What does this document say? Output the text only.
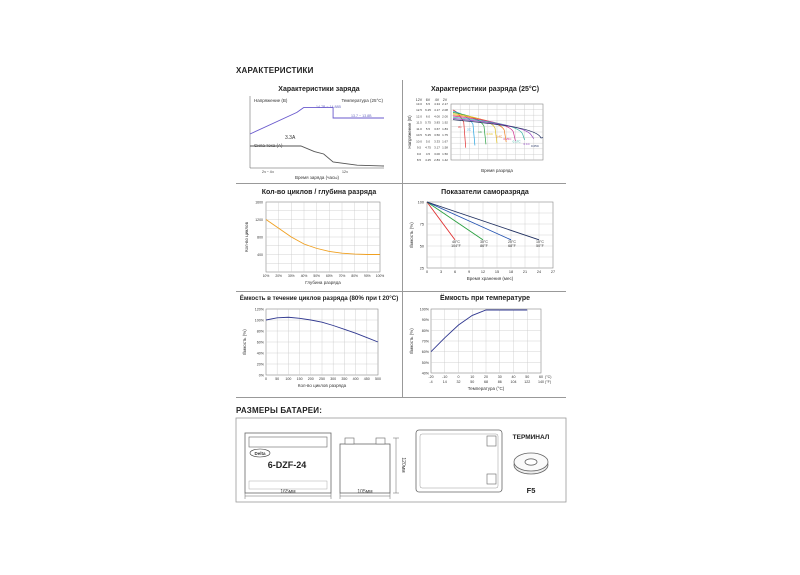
ХАРАКТЕРИСТИКИ
Характеристики заряда
Напряжение (В)	Температура (25°C)
14.7В ~ 14.88В
13.7 ~ 13.8В
3.3A
Сила тока (А)
2ч ~ 4ч	12ч
Время заряда (часы)
Характеристики разряда (25°C)
12V 6V 4V 2V
13.0
12.5
12.0
11.5
11.0
10.5
10.0
9.5
9.0
8.5
6.5
6.25
6.0
5.75
5.5
5.25
5.0
4.75
4.5
4.25
4.34
4.17
4.00
3.83
3.67
3.50
3.33
3.17
3.00
2.83
2.17
2.08
2.00
1.92
1.83
1.75
1.67
1.58
1.50
1.42
Напряжение (В)
Время разряда
3C
2C
1C
0.6C
0.4C
0.25C
0.17C
0.1C
0.05C
Кол-во циклов / глубина разряда
1600
1200
800
400
10% 20% 30% 40% 50% 60% 70% 80% 90% 100%
Кол-во циклов
Глубина разряда
Показатели саморазряда
100
75
50
25
0	3	6	9	12	15	18	21	24	27
Ёмкость (%)
Время хранения (мес)
40°C
104°F
30°C
86°F
20°C
68°F
10°C
50°F
Ёмкость в течение циклов разряда (80% при t 20°C)
120%
100%
80%
60%
40%
20%
0%
0 50 100 150 200 250 300 350 400 450 500
Ёмкость (%)
Кол-во циклов разряда
Ёмкость при температуре
100%
90%
80%
70%
60%
50%
40%
-20 -10	0	10	20	30	40	50	60
-4	14	32	50	68	86 104 122 140
(°C)
(°F)
Ёмкость (%)
Температура (°C)
РАЗМЕРЫ БАТАРЕИ:
Delta
6-DZF-24
165мм	105мм
120мм
ТЕРМИНАЛ
F5
